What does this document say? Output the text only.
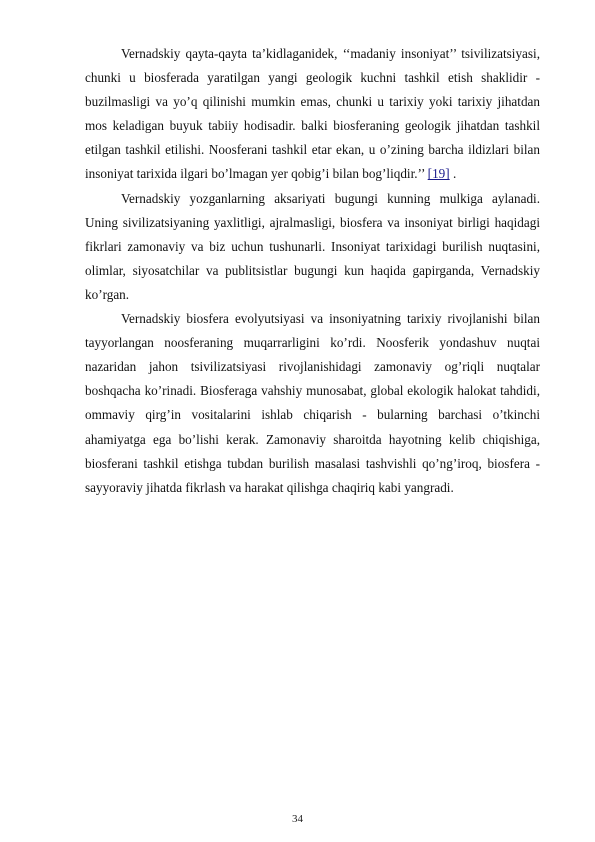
Vernadskiy qayta-qayta ta’kidlaganidek, ‘‘madaniy insoniyat’’ tsivilizatsiyasi, chunki u biosferada yaratilgan yangi geologik kuchni tashkil etish shaklidir - buzilmasligi va yo’q qilinishi mumkin emas, chunki u tarixiy yoki tarixiy jihatdan mos keladigan buyuk tabiiy hodisadir. balki biosferaning geologik jihatdan tashkil etilgan tashkil etilishi. Noosferani tashkil etar ekan, u o’zining barcha ildizlari bilan insoniyat tarixida ilgari bo’lmagan yer qobig’i bilan bog’liqdir.’’ [19] .

Vernadskiy yozganlarning aksariyati bugungi kunning mulkiga aylanadi. Uning sivilizatsiyaning yaxlitligi, ajralmasligi, biosfera va insoniyat birligi haqidagi fikrlari zamonaviy va biz uchun tushunarli. Insoniyat tarixidagi burilish nuqtasini, olimlar, siyosatchilar va publitsistlar bugungi kun haqida gapirganda, Vernadskiy ko’rgan.

Vernadskiy biosfera evolyutsiyasi va insoniyatning tarixiy rivojlanishi bilan tayyorlangan noosferaning muqarrarligini ko’rdi. Noosferik yondashuv nuqtai nazaridan jahon tsivilizatsiyasi rivojlanishidagi zamonaviy og’riqli nuqtalar boshqacha ko’rinadi. Biosferaga vahshiy munosabat, global ekologik halokat tahdidi, ommaviy qirg’in vositalarini ishlab chiqarish - bularning barchasi o’tkinchi ahamiyatga ega bo’lishi kerak. Zamonaviy sharoitda hayotning kelib chiqishiga, biosferani tashkil etishga tubdan burilish masalasi tashvishli qo’ng’iroq, biosfera - sayyoraviy jihatda fikrlash va harakat qilishga chaqiriq kabi yangradi.

34
